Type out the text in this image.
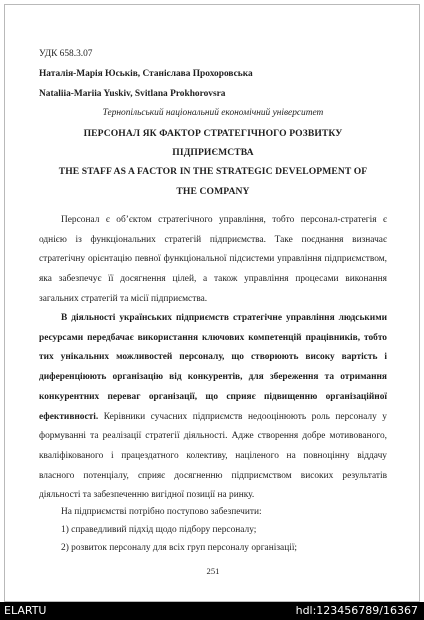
УДК 658.3.07
Наталія-Марія Юськів, Станіслава Прохоровська
Nataliia-Mariia Yuskiv, Svitlana Prokhorovsra
Тернопільський національний економічний університет
ПЕРСОНАЛ ЯК ФАКТОР СТРАТЕГІЧНОГО РОЗВИТКУ
ПІДПРИЄМСТВА
THE STAFF AS A FACTOR IN THE STRATEGIC DEVELOPMENT OF
THE COMPANY
Персонал є об’єктом стратегічного управління, тобто персонал-стратегія є однією із функціональних стратегій підприємства. Таке поєднання визначає стратегічну орієнтацію певної функціональної підсистеми управління підприємством, яка забезпечує її досягнення цілей, а також управління процесами виконання загальних стратегій та місії підприємства.
В діяльності українських підприємств стратегічне управління людськими ресурсами передбачає використання ключових компетенцій працівників, тобто тих унікальних можливостей персоналу, що створюють високу вартість і диференціюють організацію від конкурентів, для збереження та отримання конкурентних переваг організації, що сприяє підвищенню організаційної ефективності. Керівники сучасних підприємств недооцінюють роль персоналу у формуванні та реалізації стратегії діяльності. Адже створення добре мотивованого, кваліфікованого і працездатного колективу, націленого на повноцінну віддачу власного потенціалу, сприяє досягненню підприємством високих результатів діяльності та забезпеченню вигідної позиції на ринку.
На підприємстві потрібно поступово забезпечити:
1) справедливий підхід щодо підбору персоналу;
2) розвиток персоналу для всіх груп персоналу організації;
251
ELARTU	hdl:123456789/16367
